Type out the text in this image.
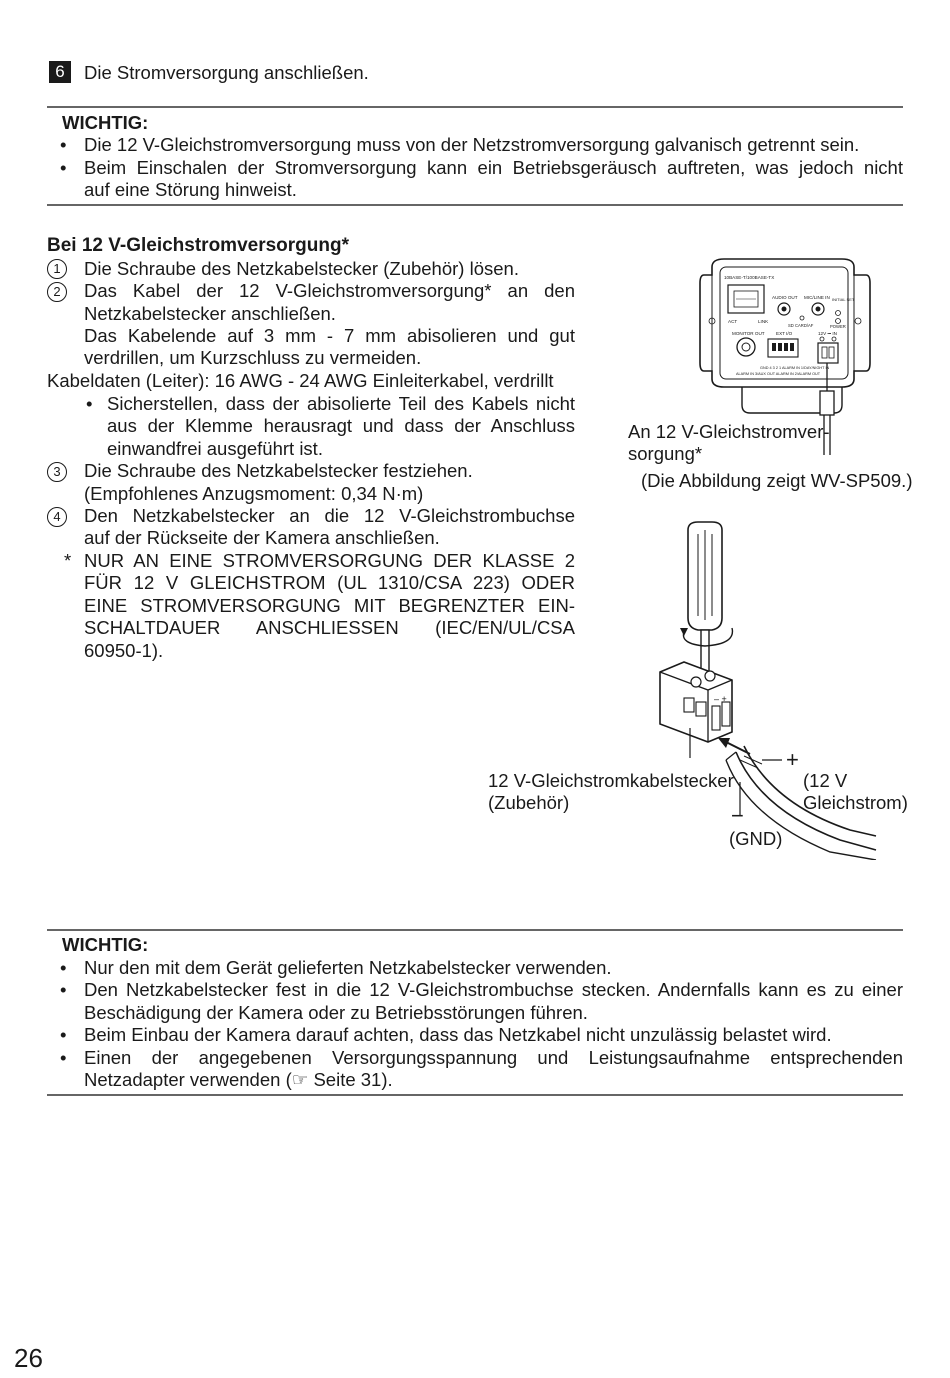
6	Die Stromversorgung anschließen.
WICHTIG:
• Die 12 V-Gleichstromversorgung muss von der Netzstromversorgung galvanisch getrennt sein.
• Beim Einschalen der Stromversorgung kann ein Betriebsgeräusch auftreten, was jedoch nicht
auf eine Störung hinweist.
Bei 12 V-Gleichstromversorgung*
1	Die Schraube des Netzkabelstecker (Zubehör) lösen.
2	Das Kabel der 12 V-Gleichstromversorgung* an den
Netzkabelstecker anschließen.
Das Kabelende auf 3 mm - 7 mm abisolieren und gut
verdrillen, um Kurzschluss zu vermeiden.
Kabeldaten (Leiter): 16 AWG - 24 AWG Einleiterkabel, verdrillt
• Sicherstellen, dass der abisolierte Teil des Kabels nicht
aus der Klemme herausragt und dass der Anschluss
einwandfrei ausgeführt ist.
3	Die Schraube des Netzkabelstecker festziehen.
(Empfohlenes Anzugsmoment: 0,34 N·m)
4	Den Netzkabelstecker an die 12 V-Gleichstrombuchse
auf der Rückseite der Kamera anschließen.
* NUR AN EINE STROMVERSORGUNG DER KLASSE 2
FÜR 12 V GLEICHSTROM (UL 1310/CSA 223) ODER
EINE STROMVERSORGUNG MIT BEGRENZTER EIN-
SCHALTDAUER ANSCHLIESSEN (IEC/EN/UL/CSA
60950-1).
10BASE-T/100BASE-TX
ACT	LINK
AUDIO OUT MIC/LINE IN INITIAL SET
SD CARD/AF	POWER
MONITOR OUT EXT I/O	12V ⎓ IN
GND 4 3 2 1 ALARM IN 1/DAY/NIGHT IN
ALARM IN 3/AUX OUT ALARM IN 2/ALARM OUT
An 12 V-Gleichstromver-
sorgung*
(Die Abbildung zeigt WV-SP509.)
– +
+
−
12 V-Gleichstromkabelstecker
(Zubehör)
(12 V
Gleichstrom)
(GND)
WICHTIG:
• Nur den mit dem Gerät gelieferten Netzkabelstecker verwenden.
• Den Netzkabelstecker fest in die 12 V-Gleichstrombuchse stecken. Andernfalls kann es zu einer
Beschädigung der Kamera oder zu Betriebsstörungen führen.
• Beim Einbau der Kamera darauf achten, dass das Netzkabel nicht unzulässig belastet wird.
• Einen der angegebenen Versorgungsspannung und Leistungsaufnahme entsprechenden
Netzadapter verwenden (☞ Seite 31).
26
